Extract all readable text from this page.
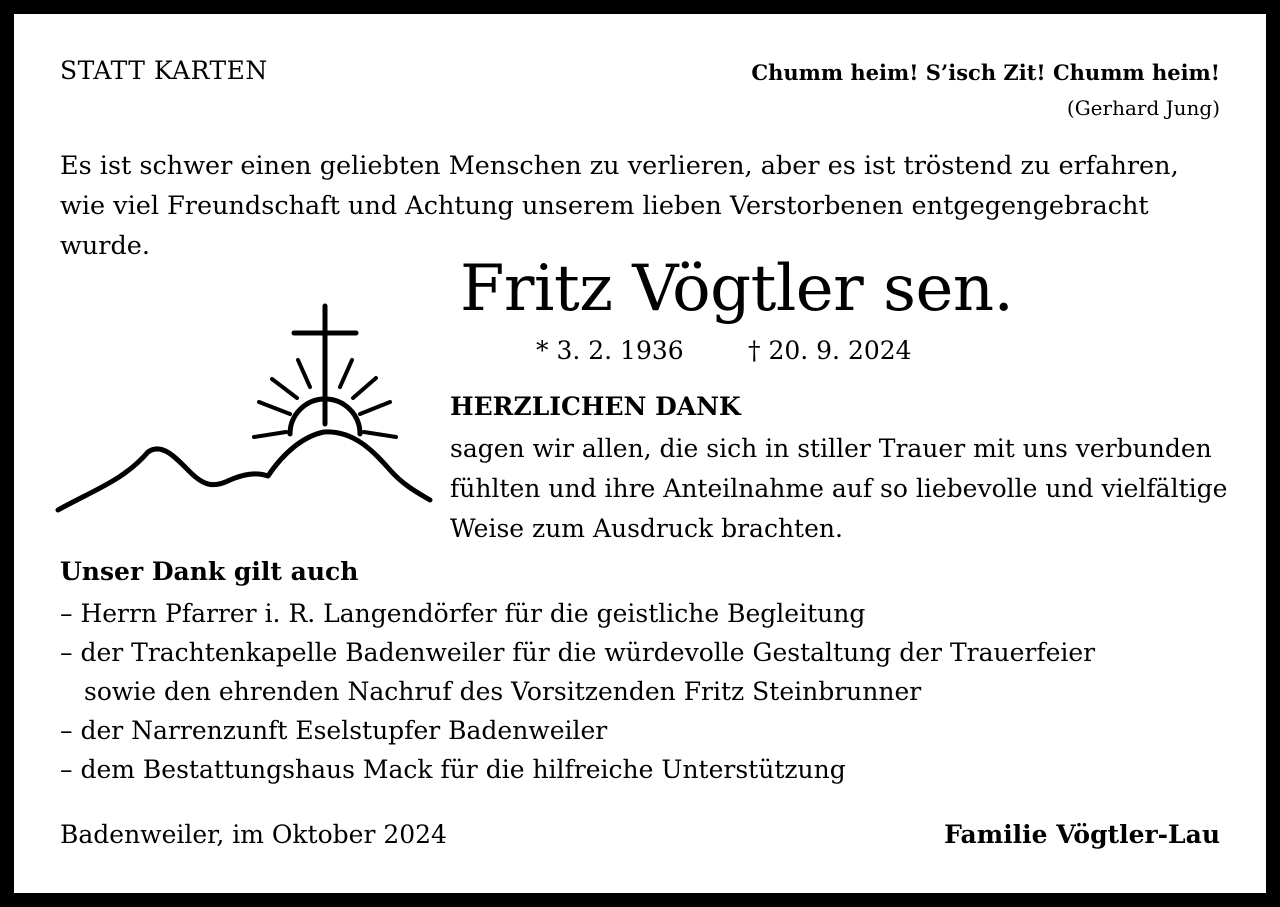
STATT KARTEN	Chumm heim! S’isch Zit! Chumm heim!
(Gerhard Jung)
Es ist schwer einen geliebten Menschen zu verlieren, aber es ist tröstend zu erfahren, wie viel Freundschaft und Achtung unserem lieben Verstorbenen entgegengebracht wurde.
Fritz Vögtler sen.
* 3. 2. 1936	† 20. 9. 2024
HERZLICHEN DANK
sagen wir allen, die sich in stiller Trauer mit uns verbunden
fühlten und ihre Anteilnahme auf so liebevolle und vielfältige
Weise zum Ausdruck brachten.
Unser Dank gilt auch
– Herrn Pfarrer i. R. Langendörfer für die geistliche Begleitung
– der Trachtenkapelle Badenweiler für die würdevolle Gestaltung der Trauerfeier
sowie den ehrenden Nachruf des Vorsitzenden Fritz Steinbrunner
– der Narrenzunft Eselstupfer Badenweiler
– dem Bestattungshaus Mack für die hilfreiche Unterstützung
Badenweiler, im Oktober 2024	Familie Vögtler-Lau
